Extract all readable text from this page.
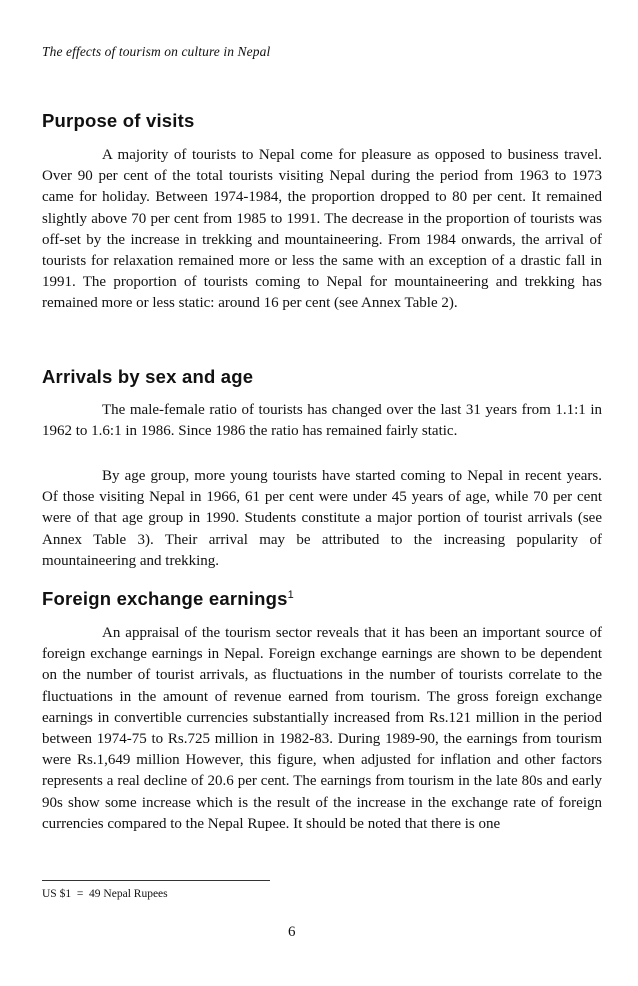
The effects of tourism on culture in Nepal
Purpose of visits

A majority of tourists to Nepal come for pleasure as opposed to business travel. Over 90 per cent of the total tourists visiting Nepal during the period from 1963 to 1973 came for holiday. Between 1974-1984, the proportion dropped to 80 per cent. It remained slightly above 70 per cent from 1985 to 1991. The decrease in the proportion of tourists was off-set by the increase in trekking and mountaineering. From 1984 onwards, the arrival of tourists for relaxation remained more or less the same with an exception of a drastic fall in 1991. The proportion of tourists coming to Nepal for mountaineering and trekking has remained more or less static: around 16 per cent (see Annex Table 2).

Arrivals by sex and age

The male-female ratio of tourists has changed over the last 31 years from 1.1:1 in 1962 to 1.6:1 in 1986. Since 1986 the ratio has remained fairly static.

By age group, more young tourists have started coming to Nepal in recent years. Of those visiting Nepal in 1966, 61 per cent were under 45 years of age, while 70 per cent were of that age group in 1990. Students constitute a major portion of tourist arrivals (see Annex Table 3). Their arrival may be attributed to the increasing popularity of mountaineering and trekking.

Foreign exchange earnings$^1$

An appraisal of the tourism sector reveals that it has been an important source of foreign exchange earnings in Nepal. Foreign exchange earnings are shown to be dependent on the number of tourist arrivals, as fluctuations in the number of tourists correlate to the fluctuations in the amount of revenue earned from tourism. The gross foreign exchange earnings in convertible currencies substantially increased from Rs.121 million in the period between 1974-75 to Rs.725 million in 1982-83. During 1989-90, the earnings from tourism were Rs.1,649 million However, this figure, when adjusted for inflation and other factors represents a real decline of 20.6 per cent. The earnings from tourism in the late 80s and early 90s show some increase which is the result of the increase in the exchange rate of foreign currencies compared to the Nepal Rupee. It should be noted that there is one

US $1  =  49 Nepal Rupees
6
